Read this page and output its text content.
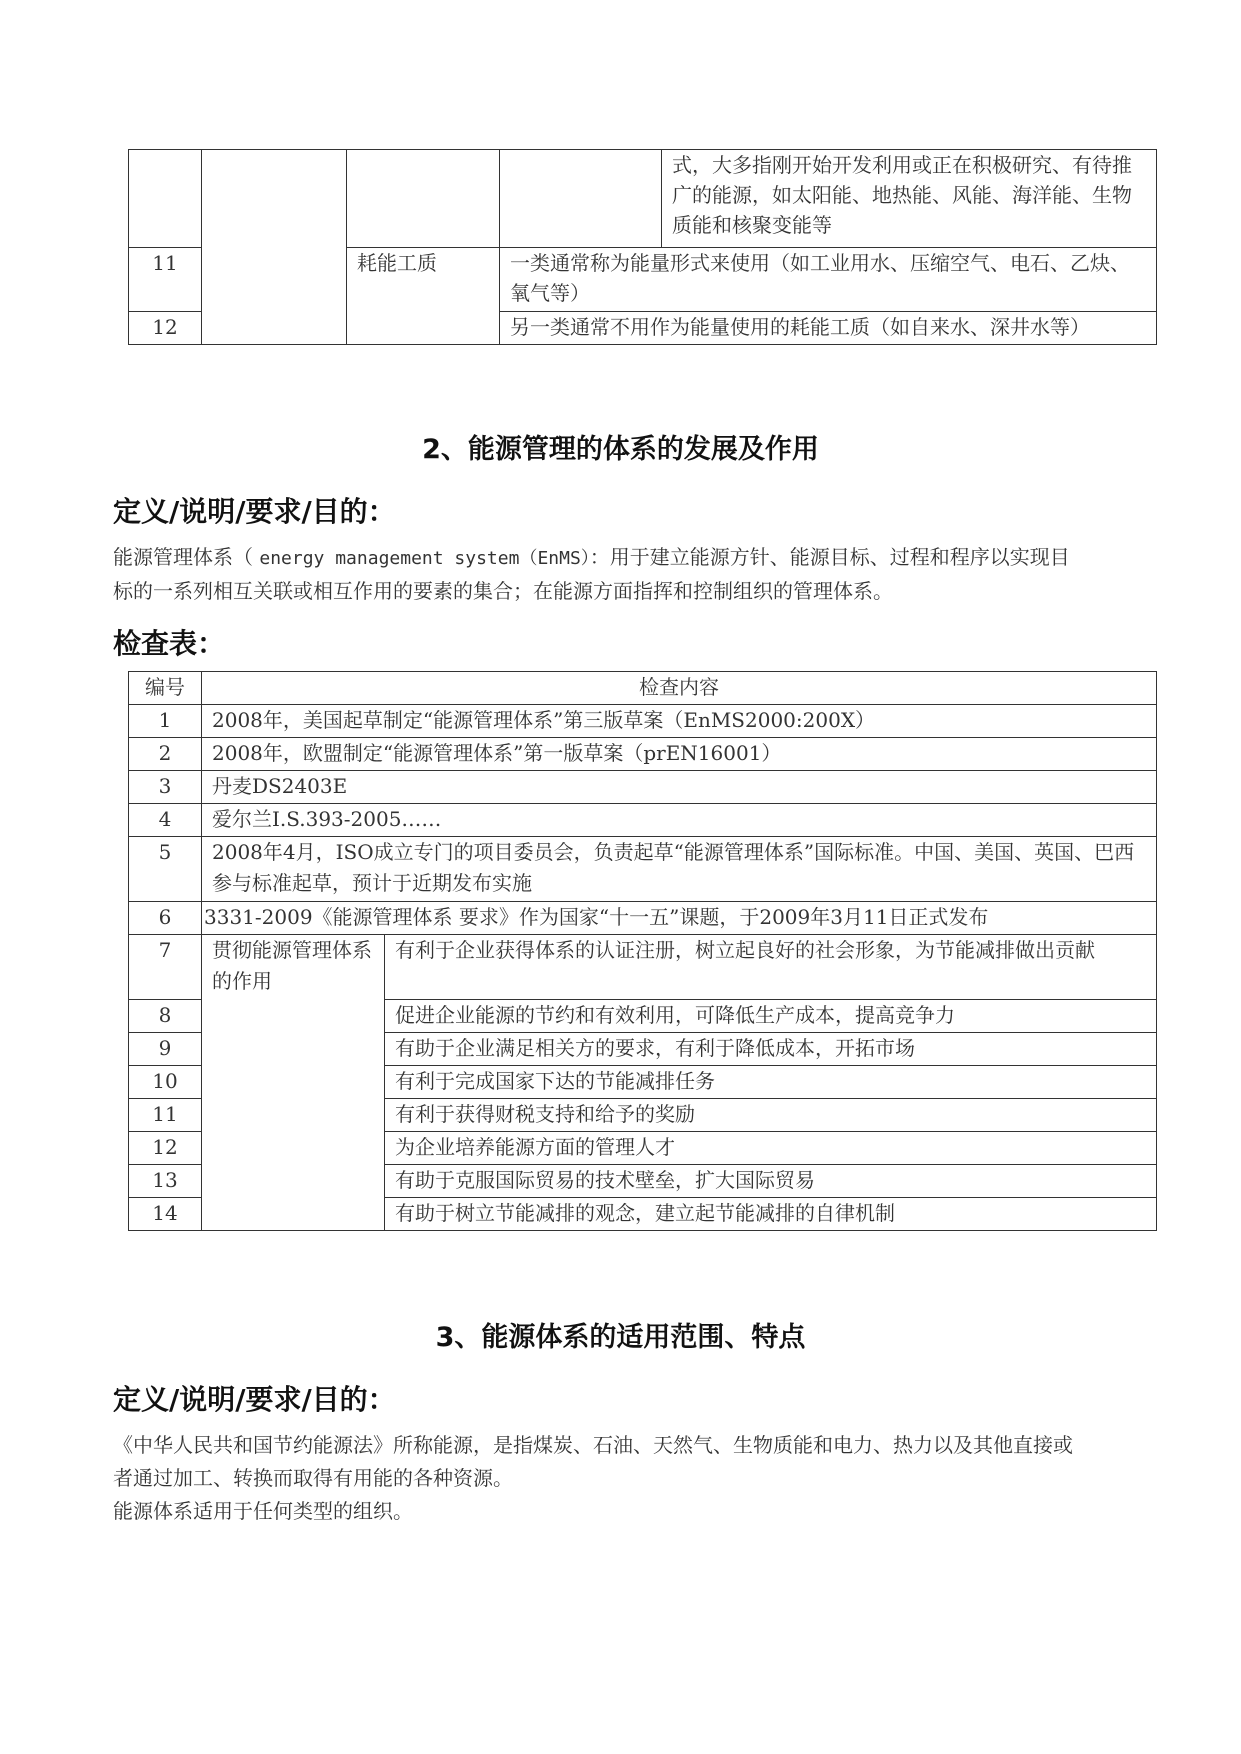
				式，大多指刚开始开发利用或正在积极研究、有待推广的能源，如太阳能、地热能、风能、海洋能、生物质能和核聚变能等
11		耗能工质	一类通常称为能量形式来使用（如工业用水、压缩空气、电石、乙炔、氧气等）	
12			另一类通常不用作为能量使用的耗能工质（如自来水、深井水等）	
2、能源管理的体系的发展及作用
定义/说明/要求/目的：

能源管理体系（ energy management system（EnMS）：用于建立能源方针、能源目标、过程和程序以实现目标的一系列相互关联或相互作用的要素的集合；在能源方面指挥和控制组织的管理体系。

检查表：
编号	检查内容	
1	2008年，美国起草制定“能源管理体系”第三版草案（EnMS2000:200X）	
2	2008年，欧盟制定“能源管理体系”第一版草案（prEN16001）	
3	丹麦DS2403E	
4	爱尔兰I.S.393-2005……	
5	2008年4月，ISO成立专门的项目委员会，负责起草“能源管理体系”国际标准。中国、美国、英国、巴西参与标准起草，预计于近期发布实施	
6	3331-2009《能源管理体系 要求》作为国家“十一五”课题，于2009年3月11日正式发布	
7	贯彻能源管理体系的作用	有利于企业获得体系的认证注册，树立起良好的社会形象，为节能减排做出贡献
8		促进企业能源的节约和有效利用，可降低生产成本，提高竞争力
9		有助于企业满足相关方的要求，有利于降低成本，开拓市场
10		有利于完成国家下达的节能减排任务
11		有利于获得财税支持和给予的奖励
12		为企业培养能源方面的管理人才
13		有助于克服国际贸易的技术壁垒，扩大国际贸易
14		有助于树立节能减排的观念，建立起节能减排的自律机制
3、能源体系的适用范围、特点
定义/说明/要求/目的：

《中华人民共和国节约能源法》所称能源，是指煤炭、石油、天然气、生物质能和电力、热力以及其他直接或者通过加工、转换而取得有用能的各种资源。

能源体系适用于任何类型的组织。
